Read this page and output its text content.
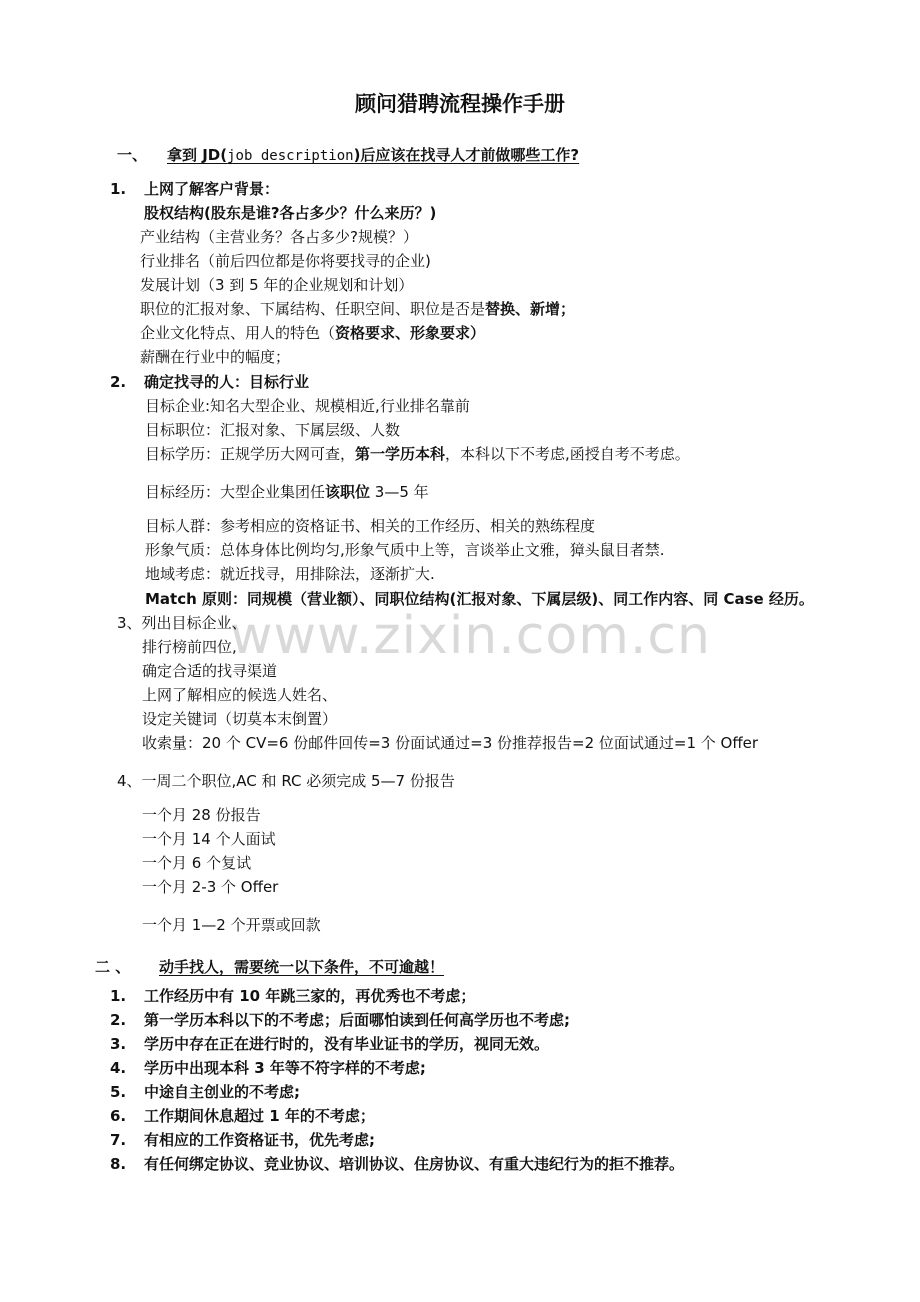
www.zixin.com.cn
顾问猎聘流程操作手册
一、 拿到 JD(job description)后应该在找寻人才前做哪些工作?
1. 上网了解客户背景：
股权结构(股东是谁?各占多少？什么来历？)
产业结构（主营业务？各占多少?规模？）
行业排名（前后四位都是你将要找寻的企业)
发展计划（3 到 5 年的企业规划和计划）
职位的汇报对象、下属结构、任职空间、职位是否是替换、新增；
企业文化特点、用人的特色（资格要求、形象要求）
薪酬在行业中的幅度；
2. 确定找寻的人：目标行业
目标企业:知名大型企业、规模相近,行业排名靠前
目标职位：汇报对象、下属层级、人数
目标学历：正规学历大网可查，第一学历本科，本科以下不考虑,函授自考不考虑。
目标经历：大型企业集团任该职位 3—5 年
目标人群：参考相应的资格证书、相关的工作经历、相关的熟练程度
形象气质：总体身体比例均匀,形象气质中上等，言谈举止文雅，獐头鼠目者禁.
地域考虑：就近找寻，用排除法，逐渐扩大.
Match 原则：同规模（营业额）、同职位结构(汇报对象、下属层级)、同工作内容、同 Case 经历。
3、列出目标企业、
排行榜前四位,
确定合适的找寻渠道
上网了解相应的候选人姓名、
设定关键词（切莫本末倒置）
收索量：20 个 CV=6 份邮件回传=3 份面试通过=3 份推荐报告=2 位面试通过=1 个 Offer
4、一周二个职位,AC 和 RC 必须完成 5—7 份报告
一个月 28 份报告
一个月 14 个人面试
一个月 6 个复试
一个月 2-3 个 Offer
一个月 1—2 个开票或回款
二 、 动手找人，需要统一以下条件，不可逾越！
1. 工作经历中有 10 年跳三家的，再优秀也不考虑；
2. 第一学历本科以下的不考虑；后面哪怕读到任何高学历也不考虑;
3. 学历中存在正在进行时的，没有毕业证书的学历，视同无效。
4. 学历中出现本科 3 年等不符字样的不考虑;
5. 中途自主创业的不考虑;
6. 工作期间休息超过 1 年的不考虑；
7. 有相应的工作资格证书，优先考虑;
8. 有任何绑定协议、竞业协议、培训协议、住房协议、有重大违纪行为的拒不推荐。
